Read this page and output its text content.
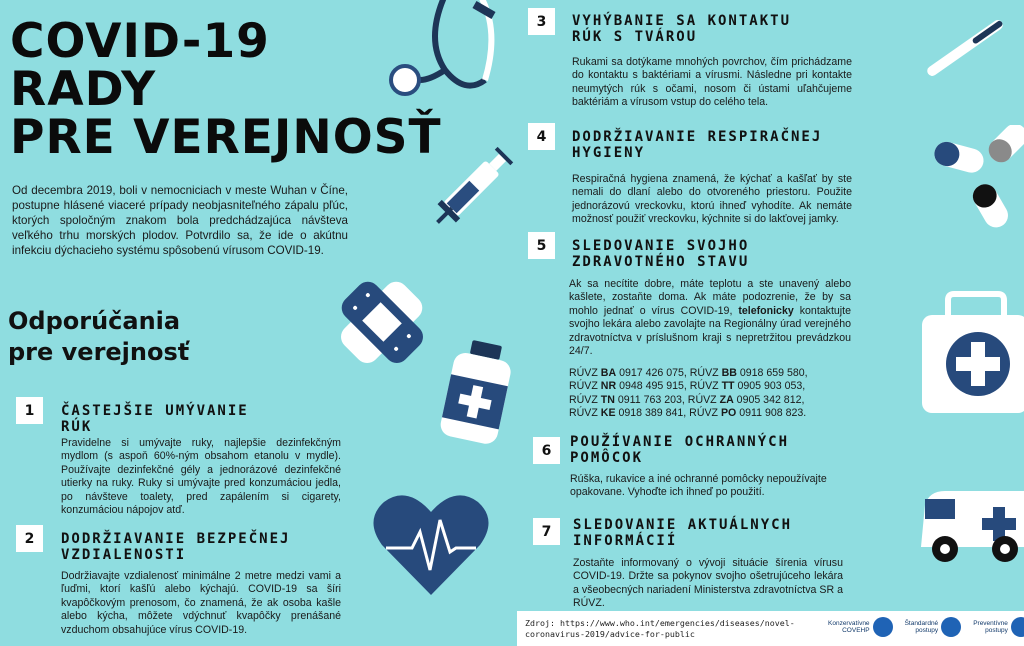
COVID-19
RADY
PRE VEREJNOSŤ
Od decembra 2019, boli v nemocniciach v meste Wuhan v Číne, postupne hlásené viaceré prípady neobjasniteľného zápalu pľúc, ktorých spoločným znakom bola predchádzajúca návšteva veľkého trhu morských plodov. Potvrdilo sa, že ide o akútnu infekciu dýchacieho systému spôsobenú vírusom COVID-19.
Odporúčania
pre verejnosť
1	ČASTEJŠIE UMÝVANIE RÚK
Pravidelne si umývajte ruky, najlepšie dezinfekčným mydlom (s aspoň 60%-ným obsahom etanolu v mydle). Používajte dezinfekčné gély a jednorázové dezinfekčné utierky na ruky. Ruky si umývajte pred konzumáciou jedla, po návšteve toalety, pred zapálením si cigarety, konzumáciou nápojov atď.
2	DODRŽIAVANIE BEZPEČNEJ VZDIALENOSTI
Dodržiavajte vzdialenosť minimálne 2 metre medzi vami a ľuďmi, ktorí kašľú alebo kýchajú. COVID-19 sa šíri kvapôčkovým prenosom, čo znamená, že ak osoba kašle alebo kýcha, môžete vdýchnuť kvapôčky prenášané vzduchom obsahujúce vírus COVID-19.
3	VYHÝBANIE SA KONTAKTU RÚK S TVÁROU
Rukami sa dotýkame mnohých povrchov, čím prichádzame do kontaktu s baktériami a vírusmi. Následne pri kontakte neumytých rúk s očami, nosom či ústami uľahčujeme baktériám a vírusom vstup do celého tela.
4	DODRŽIAVANIE RESPIRAČNEJ HYGIENY
Respiračná hygiena znamená, že kýchať a kašľať by ste nemali do dlaní alebo do otvoreného priestoru. Použite jednorázovú vreckovku, ktorú ihneď vyhodíte. Ak nemáte možnosť použiť vreckovku, kýchnite si do lakťovej jamky.
5	SLEDOVANIE SVOJHO ZDRAVOTNÉHO STAVU
Ak sa necítite dobre, máte teplotu a ste unavený alebo kašlete, zostaňte doma. Ak máte podozrenie, že by sa mohlo jednať o vírus COVID-19, telefonicky kontaktujte svojho lekára alebo zavolajte na Regionálny úrad verejného zdravotníctva v príslušnom kraji s nepretržitou prevádzkou 24/7.
RÚVZ BA 0917 426 075, RÚVZ BB 0918 659 580,
RÚVZ NR 0948 495 915, RÚVZ TT 0905 903 053,
RÚVZ TN 0911 763 203, RÚVZ ZA 0905 342 812,
RÚVZ KE 0918 389 841, RÚVZ PO 0911 908 823.
6
POUŽÍVANIE OCHRANNÝCH POMÔCOK
Rúška, rukavice a iné ochranné pomôcky nepoužívajte opakovane. Vyhoďte ich ihneď po použití.
7	SLEDOVANIE AKTUÁLNYCH INFORMÁCIÍ
Zostaňte informovaný o vývoji situácie šírenia vírusu COVID-19. Držte sa pokynov svojho ošetrujúceho lekára a všeobecných nariadení Ministerstva zdravotníctva SR a RÚVZ.
Zdroj: https://www.who.int/emergencies/diseases/novel-coronavirus-2019/advice-for-public
Konzervatívne
COVEHP
Štandardné
postupy
Preventívne
postupy
